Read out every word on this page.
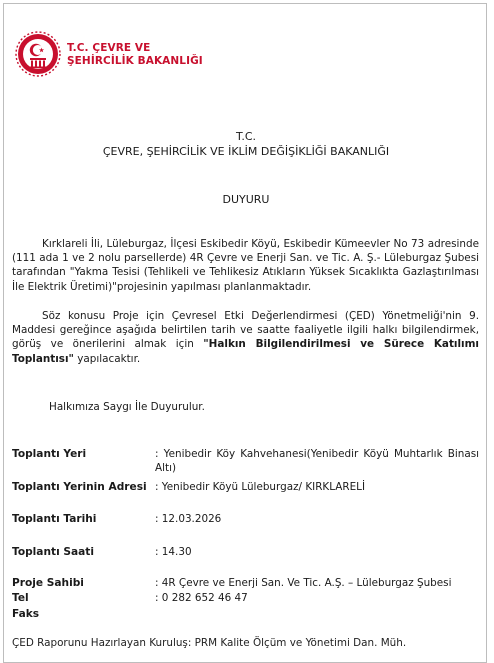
T.C. ÇEVRE VE
ŞEHİRCİLİK BAKANLIĞI
T.C.
ÇEVRE, ŞEHİRCİLİK VE İKLİM DEĞİŞİKLİĞİ BAKANLIĞI
DUYURU
Kırklareli İli, Lüleburgaz, İlçesi Eskibedir Köyü, Eskibedir Kümeevler No 73 adresinde (111 ada 1 ve 2 nolu parsellerde) 4R Çevre ve Enerji San. ve Tic. A. Ş.- Lüleburgaz Şubesi tarafından "Yakma Tesisi (Tehlikeli ve Tehlikesiz Atıkların Yüksek Sıcaklıkta Gazlaştırılması İle Elektrik Üretimi)"projesinin yapılması planlanmaktadır.
Söz konusu Proje için Çevresel Etki Değerlendirmesi (ÇED) Yönetmeliği'nin 9. Maddesi gereğince aşağıda belirtilen tarih ve saatte faaliyetle ilgili halkı bilgilendirmek, görüş ve önerilerini almak için "Halkın Bilgilendirilmesi ve Sürece Katılımı Toplantısı" yapılacaktır.
Halkımıza Saygı İle Duyurulur.
Toplantı Yeri	: Yenibedir Köy Kahvehanesi(Yenibedir Köyü Muhtarlık Binası Altı)
Toplantı Yerinin Adresi : Yenibedir Köyü Lüleburgaz/ KIRKLARELİ
Toplantı Tarihi	: 12.03.2026
Toplantı Saati	: 14.30
Proje Sahibi	: 4R Çevre ve Enerji San. Ve Tic. A.Ş. – Lüleburgaz Şubesi
Tel	: 0 282 652 46 47
Faks
ÇED Raporunu Hazırlayan Kuruluş: PRM Kalite Ölçüm ve Yönetimi Dan. Müh.
